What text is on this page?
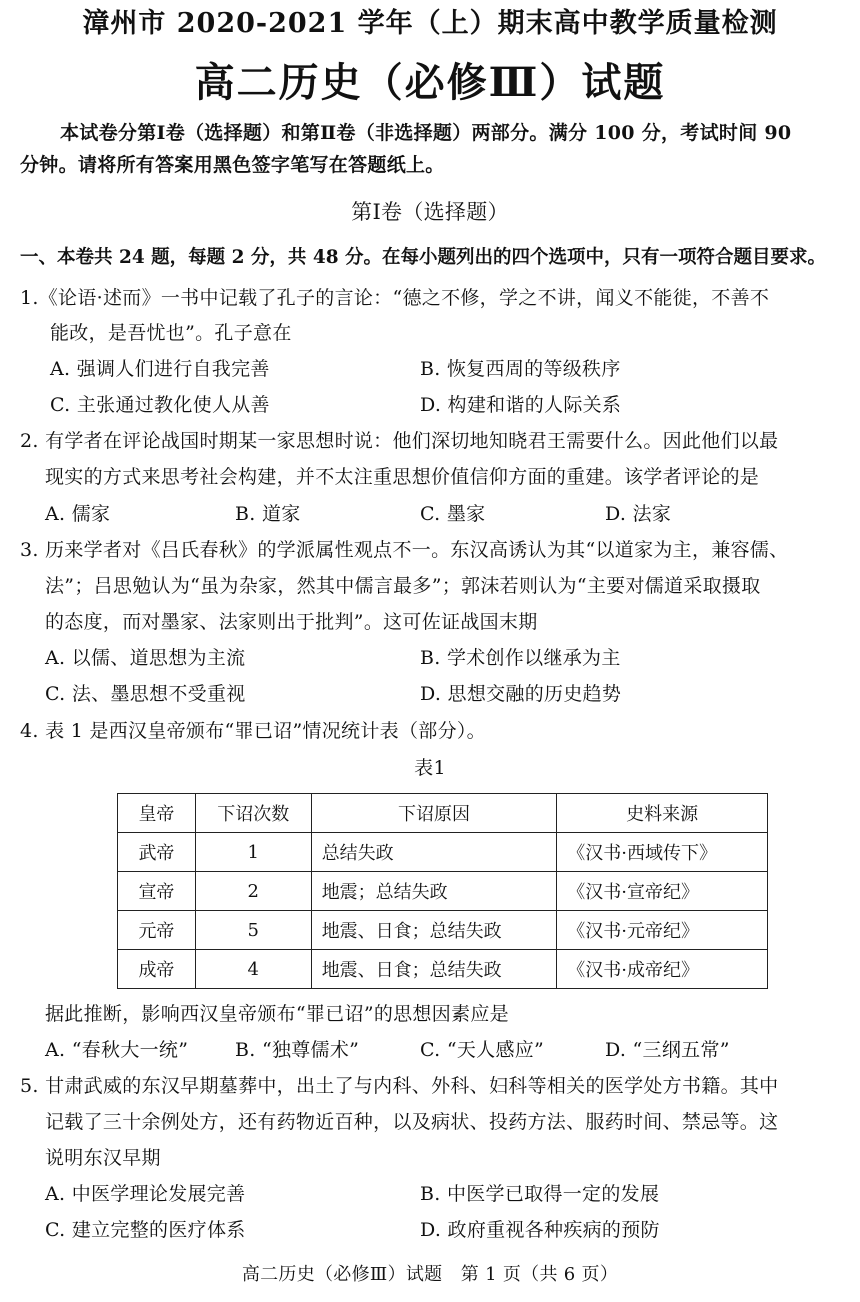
漳州市 2020-2021 学年（上）期末高中教学质量检测
高二历史（必修Ⅲ）试题
本试卷分第Ⅰ卷（选择题）和第Ⅱ卷（非选择题）两部分。满分 100 分，考试时间 90
分钟。请将所有答案用黑色签字笔写在答题纸上。
第Ⅰ卷（选择题）
一、本卷共 24 题，每题 2 分，共 48 分。在每小题列出的四个选项中，只有一项符合题目要求。
1.《论语·述而》一书中记载了孔子的言论：“德之不修，学之不讲，闻义不能徙，不善不
能改，是吾忧也”。孔子意在
A. 强调人们进行自我完善	B. 恢复西周的等级秩序
C. 主张通过教化使人从善	D. 构建和谐的人际关系
2. 有学者在评论战国时期某一家思想时说：他们深切地知晓君王需要什么。因此他们以最
现实的方式来思考社会构建，并不太注重思想价值信仰方面的重建。该学者评论的是
A. 儒家	B. 道家	C. 墨家	D. 法家
3. 历来学者对《吕氏春秋》的学派属性观点不一。东汉高诱认为其“以道家为主，兼容儒、
法”；吕思勉认为“虽为杂家，然其中儒言最多”；郭沫若则认为“主要对儒道采取摄取
的态度，而对墨家、法家则出于批判”。这可佐证战国末期
A. 以儒、道思想为主流	B. 学术创作以继承为主
C. 法、墨思想不受重视	D. 思想交融的历史趋势
4. 表 1 是西汉皇帝颁布“罪已诏”情况统计表（部分）。
表1
皇帝	下诏次数	下诏原因	史料来源
武帝	1	总结失政	《汉书·西域传下》
宣帝	2	地震；总结失政	《汉书·宣帝纪》
元帝	5	地震、日食；总结失政	《汉书·元帝纪》
成帝	4	地震、日食；总结失政	《汉书·成帝纪》
据此推断，影响西汉皇帝颁布“罪已诏”的思想因素应是
A. “春秋大一统” B. “独尊儒术”	C. “天人感应”	D. “三纲五常”
5. 甘肃武威的东汉早期墓葬中，出土了与内科、外科、妇科等相关的医学处方书籍。其中
记载了三十余例处方，还有药物近百种，以及病状、投药方法、服药时间、禁忌等。这
说明东汉早期
A. 中医学理论发展完善	B. 中医学已取得一定的发展
C. 建立完整的医疗体系	D. 政府重视各种疾病的预防
高二历史（必修Ⅲ）试题　第 1 页（共 6 页）
